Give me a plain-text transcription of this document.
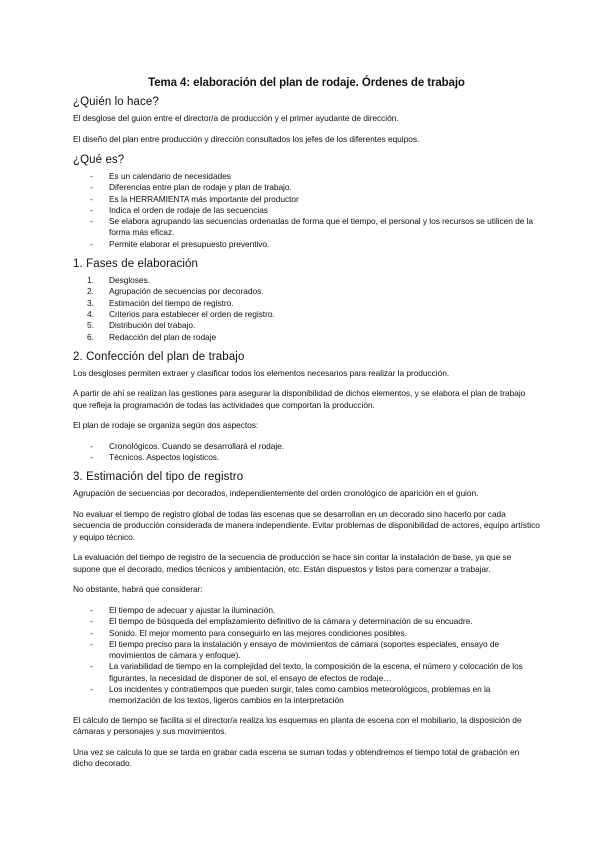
Tema 4: elaboración del plan de rodaje. Órdenes de trabajo
¿Quién lo hace?

El desglose del guion entre el director/a de producción y el primer ayudante de dirección.

El diseño del plan entre producción y dirección consultados los jefes de los diferentes equipos.

¿Qué es?
- Es un calendario de necesidades
- Diferencias entre plan de rodaje y plan de trabajo.
- Es la HERRAMIENTA más importante del productor
- Indica el orden de rodaje de las secuencias
- Se elabora agrupando las secuencias ordenadas de forma que el tiempo, el personal y los recursos se utilicen de la forma más eficaz.
- Permite elaborar el presupuesto preventivo.
1. Fases de elaboración
1. Desgloses.
2. Agrupación de secuencias por decorados.
3. Estimación del tiempo de registro.
4. Criterios para establecer el orden de registro.
5. Distribución del trabajo.
6. Redacción del plan de rodaje
2. Confección del plan de trabajo

Los desgloses permiten extraer y clasificar todos los elementos necesarios para realizar la producción.

A partir de ahí se realizan las gestiones para asegurar la disponibilidad de dichos elementos, y se elabora el plan de trabajo que refleja la programación de todas las actividades que comportan la producción.

El plan de rodaje se organiza según dos aspectos:

- Cronológicos. Cuando se desarrollará el rodaje.
- Técnicos. Aspectos logísticos.
3. Estimación del tipo de registro

Agrupación de secuencias por decorados, independientemente del orden cronológico de aparición en el guion.

No evaluar el tiempo de registro global de todas las escenas que se desarrollan en un decorado sino hacerlo por cada secuencia de producción considerada de manera independiente. Evitar problemas de disponibilidad de actores, equipo artístico y equipo técnico.

La evaluación del tiempo de registro de la secuencia de producción se hace sin contar la instalación de base, ya que se supone que el decorado, medios técnicos y ambientación, etc. Están dispuestos y listos para comenzar a trabajar.

No obstante, habrá que considerar:

- El tiempo de adecuar y ajustar la iluminación.
- El tiempo de búsqueda del emplazamiento definitivo de la cámara y determinación de su encuadre.
- Sonido. El mejor momento para conseguirlo en las mejores condiciones posibles.
- El tiempo preciso para la instalación y ensayo de movimientos de cámara (soportes especiales, ensayo de movimientos de cámara y enfoque).
- La variabilidad de tiempo en la complejidad del texto, la composición de la escena, el número y colocación de los figurantes, la necesidad de disponer de sol, el ensayo de efectos de rodaje…
- Los incidentes y contratiempos que pueden surgir, tales como cambios meteorológicos, problemas en la memorización de los textos, ligeros cambios en la interpretación

El cálculo de tiempo se facilita si el director/a realiza los esquemas en planta de escena con el mobiliario, la disposición de cámaras y personajes y sus movimientos.

Una vez se calcula lo que se tarda en grabar cada escena se suman todas y obtendremos el tiempo total de grabación en dicho decorado.
